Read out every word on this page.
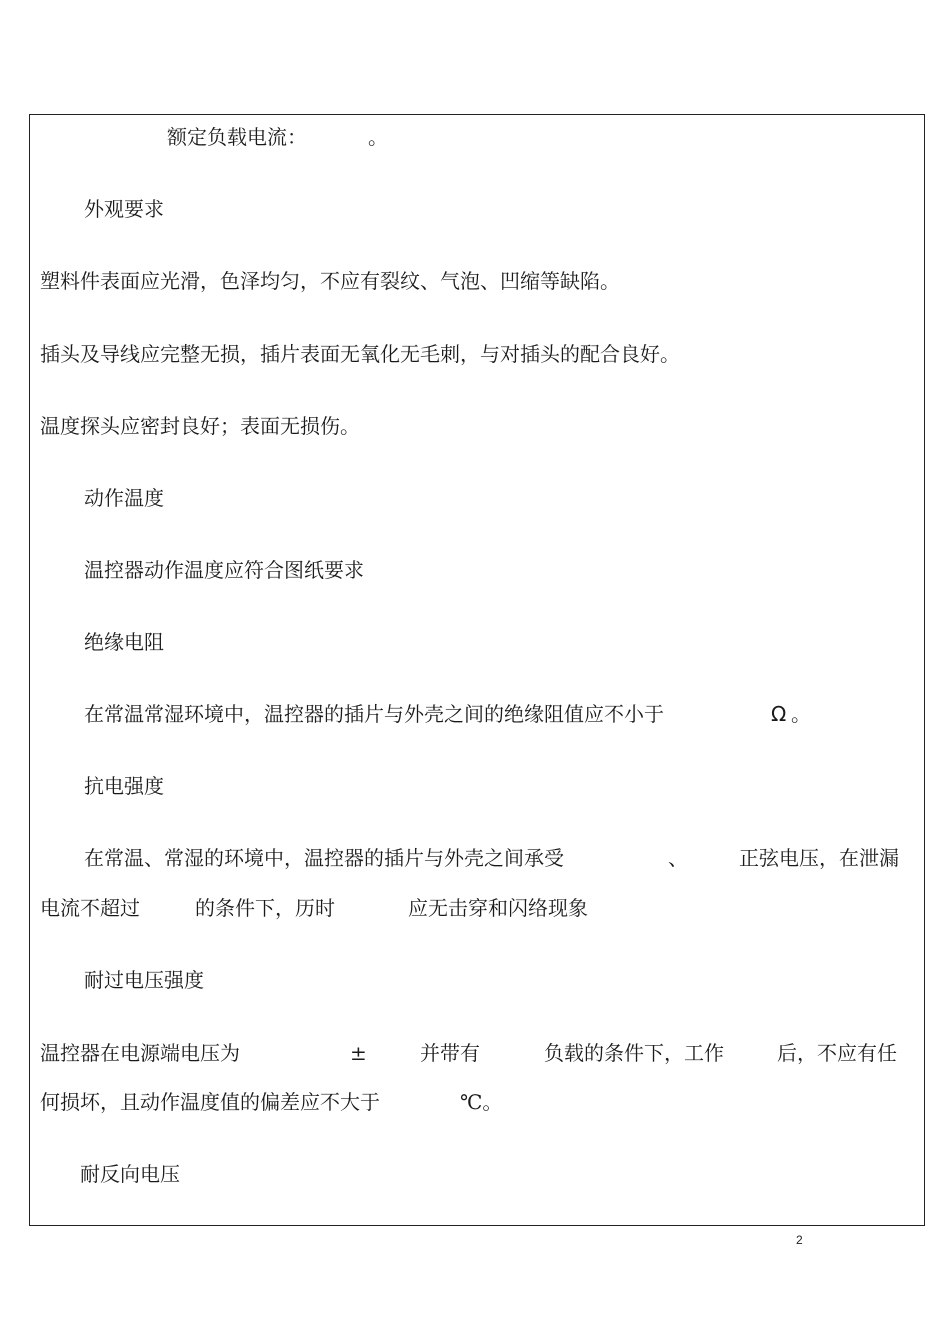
额定负载电流：	。
外观要求
塑料件表面应光滑，色泽均匀，不应有裂纹、气泡、凹缩等缺陷。
插头及导线应完整无损，插片表面无氧化无毛刺，与对插头的配合良好。
温度探头应密封良好；表面无损伤。
动作温度
温控器动作温度应符合图纸要求
绝缘电阻
在常温常湿环境中，温控器的插片与外壳之间的绝缘阻值应不小于	Ω 。
抗电强度
在常温、常湿的环境中，温控器的插片与外壳之间承受	、	正弦电压，在泄漏
电流不超过	的条件下，历时	应无击穿和闪络现象
耐过电压强度
温控器在电源端电压为	±	并带有	负载的条件下，工作	后，不应有任
何损坏，且动作温度值的偏差应不大于	℃。
耐反向电压
2
